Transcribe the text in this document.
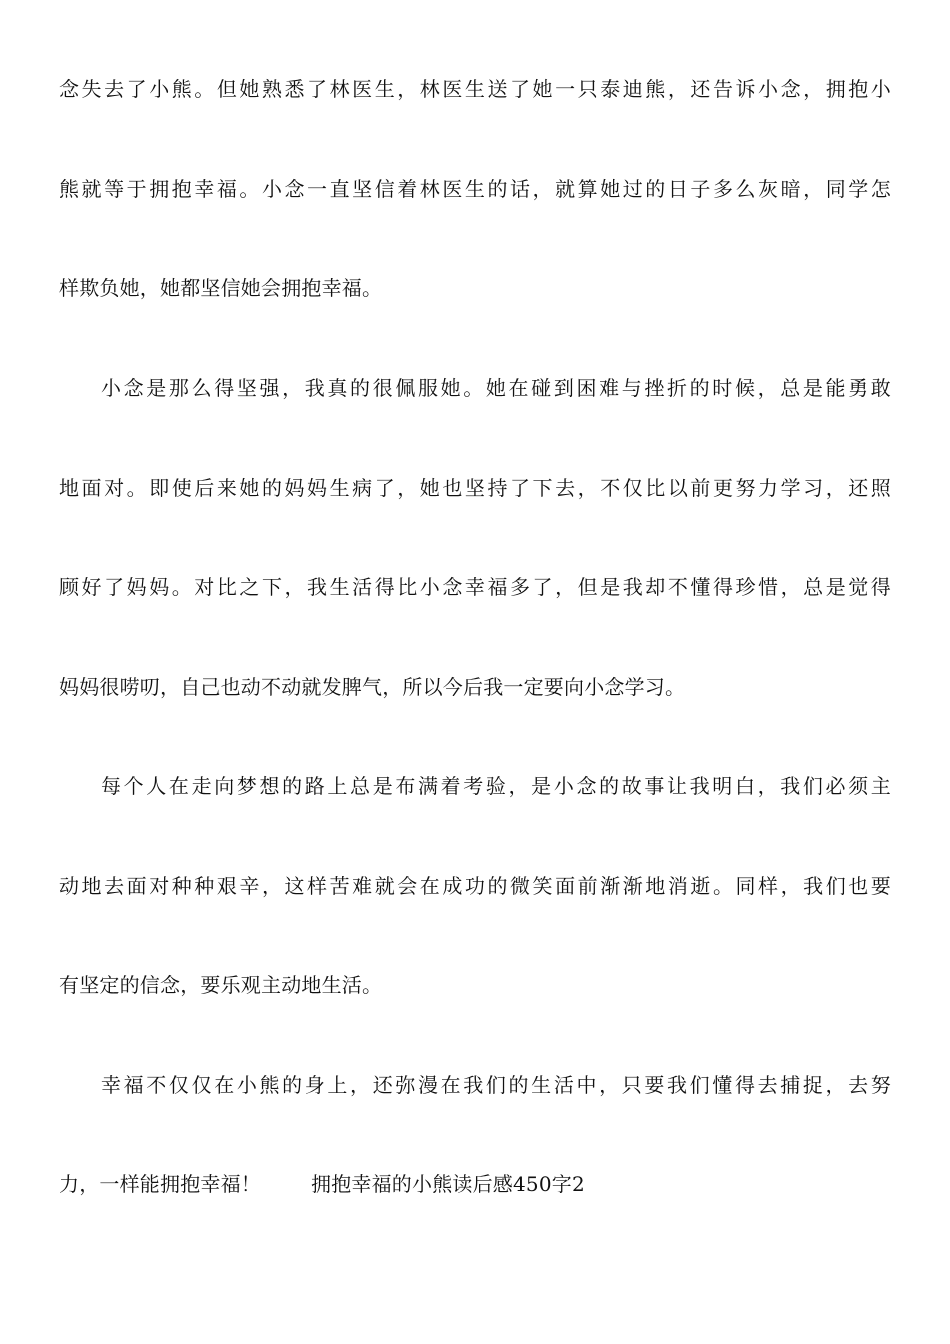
念失去了小熊。但她熟悉了林医生，林医生送了她一只泰迪熊，还告诉小念，拥抱小
熊就等于拥抱幸福。小念一直坚信着林医生的话，就算她过的日子多么灰暗，同学怎
样欺负她，她都坚信她会拥抱幸福。
小念是那么得坚强，我真的很佩服她。她在碰到困难与挫折的时候，总是能勇敢
地面对。即使后来她的妈妈生病了，她也坚持了下去，不仅比以前更努力学习，还照
顾好了妈妈。对比之下，我生活得比小念幸福多了，但是我却不懂得珍惜，总是觉得
妈妈很唠叨，自己也动不动就发脾气，所以今后我一定要向小念学习。
每个人在走向梦想的路上总是布满着考验，是小念的故事让我明白，我们必须主
动地去面对种种艰辛，这样苦难就会在成功的微笑面前渐渐地消逝。同样，我们也要
有坚定的信念，要乐观主动地生活。
幸福不仅仅在小熊的身上，还弥漫在我们的生活中，只要我们懂得去捕捉，去努
力，一样能拥抱幸福！	拥抱幸福的小熊读后感450字2
